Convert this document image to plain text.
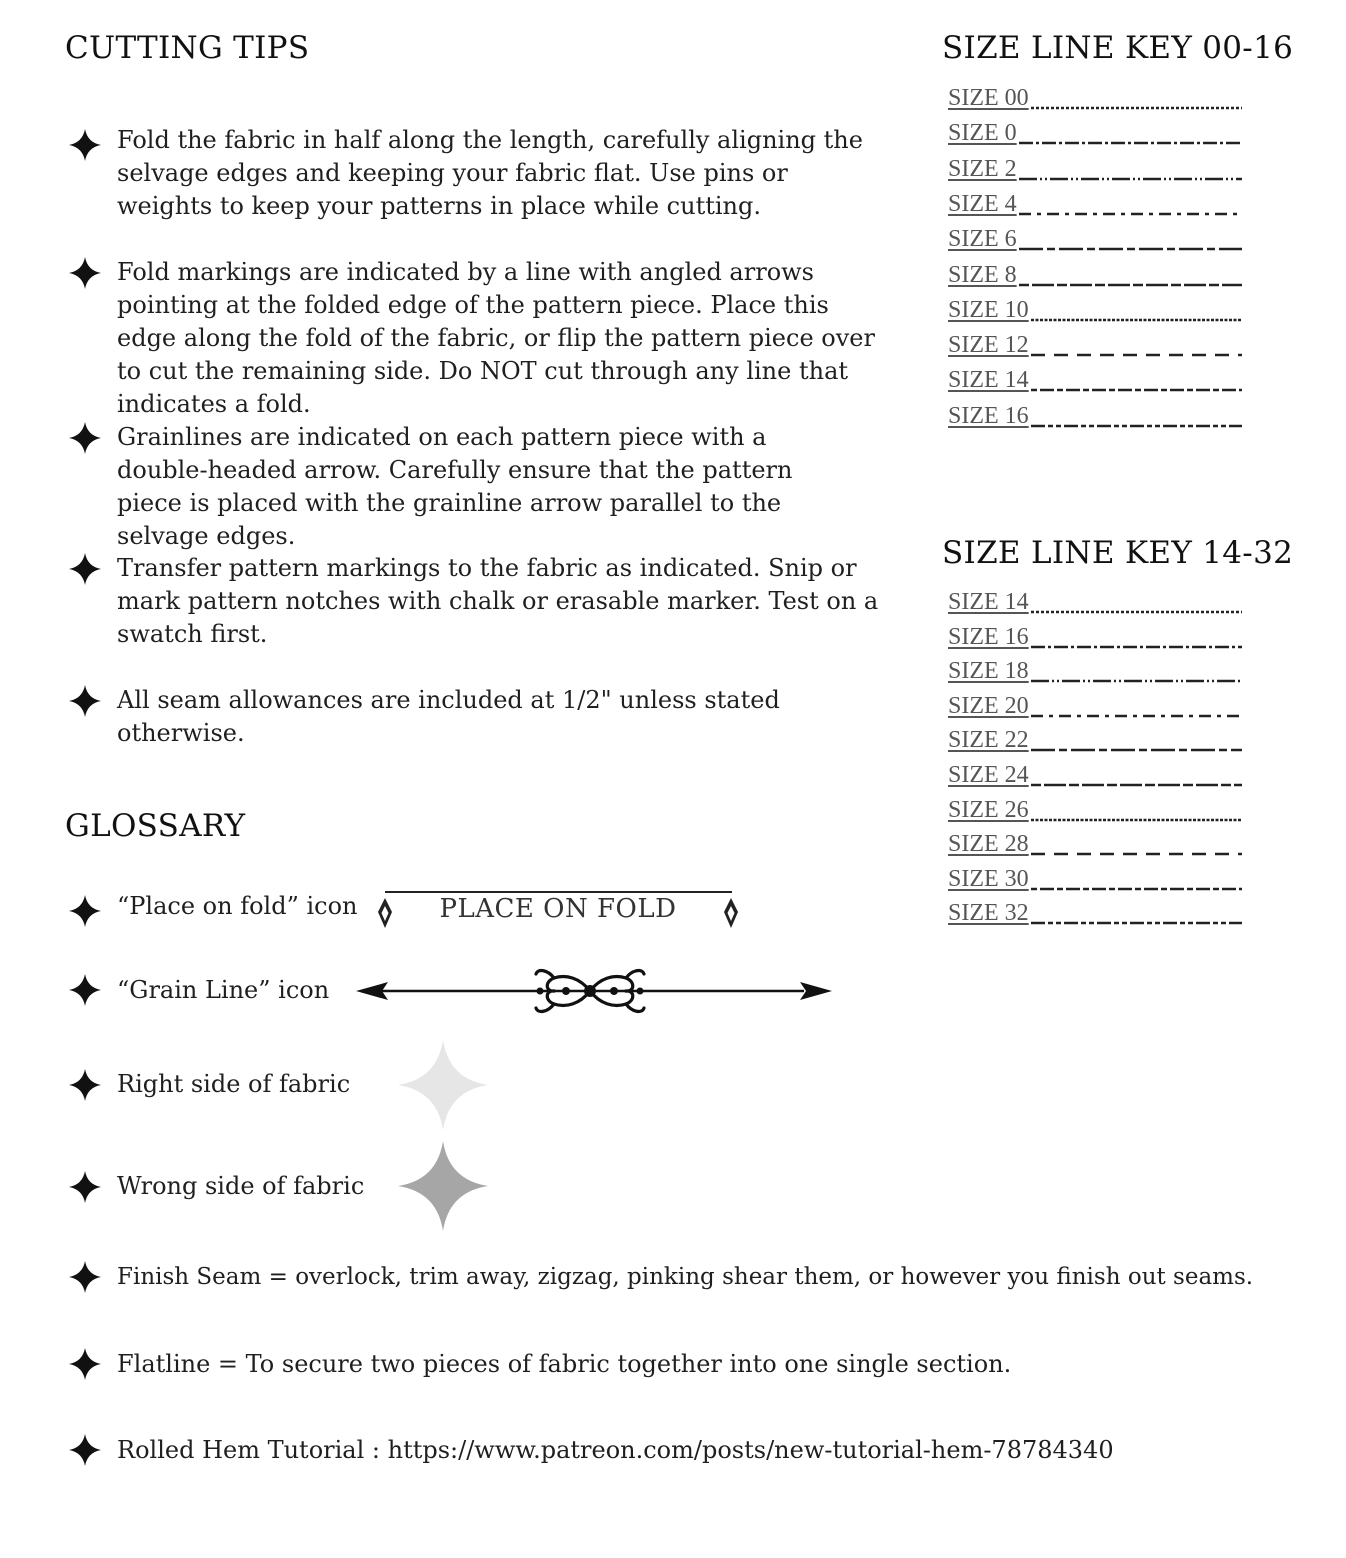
CUTTING TIPS
Fold the fabric in half along the length, carefully aligning the selvage edges and keeping your fabric flat. Use pins or weights to keep your patterns in place while cutting.
Fold markings are indicated by a line with angled arrows pointing at the folded edge of the pattern piece. Place this edge along the fold of the fabric, or flip the pattern piece over to cut the remaining side. Do NOT cut through any line that indicates a fold.
Grainlines are indicated on each pattern piece with a double-headed arrow. Carefully ensure that the pattern piece is placed with the grainline arrow parallel to the selvage edges.
Transfer pattern markings to the fabric as indicated. Snip or mark pattern notches with chalk or erasable marker. Test on a swatch first.
All seam allowances are included at 1/2" unless stated otherwise.
GLOSSARY
“Place on fold” icon	PLACE ON FOLD
“Grain Line” icon
Right side of fabric
Wrong side of fabric
Finish Seam = overlock, trim away, zigzag, pinking shear them, or however you finish out seams.
Flatline = To secure two pieces of fabric together into one single section.
Rolled Hem Tutorial : https://www.patreon.com/posts/new-tutorial-hem-78784340
SIZE LINE KEY 00-16
SIZE 00
SIZE 0
SIZE 2
SIZE 4
SIZE 6
SIZE 8
SIZE 10
SIZE 12
SIZE 14
SIZE 16
SIZE LINE KEY 14-32
SIZE 14
SIZE 16
SIZE 18
SIZE 20
SIZE 22
SIZE 24
SIZE 26
SIZE 28
SIZE 30
SIZE 32
